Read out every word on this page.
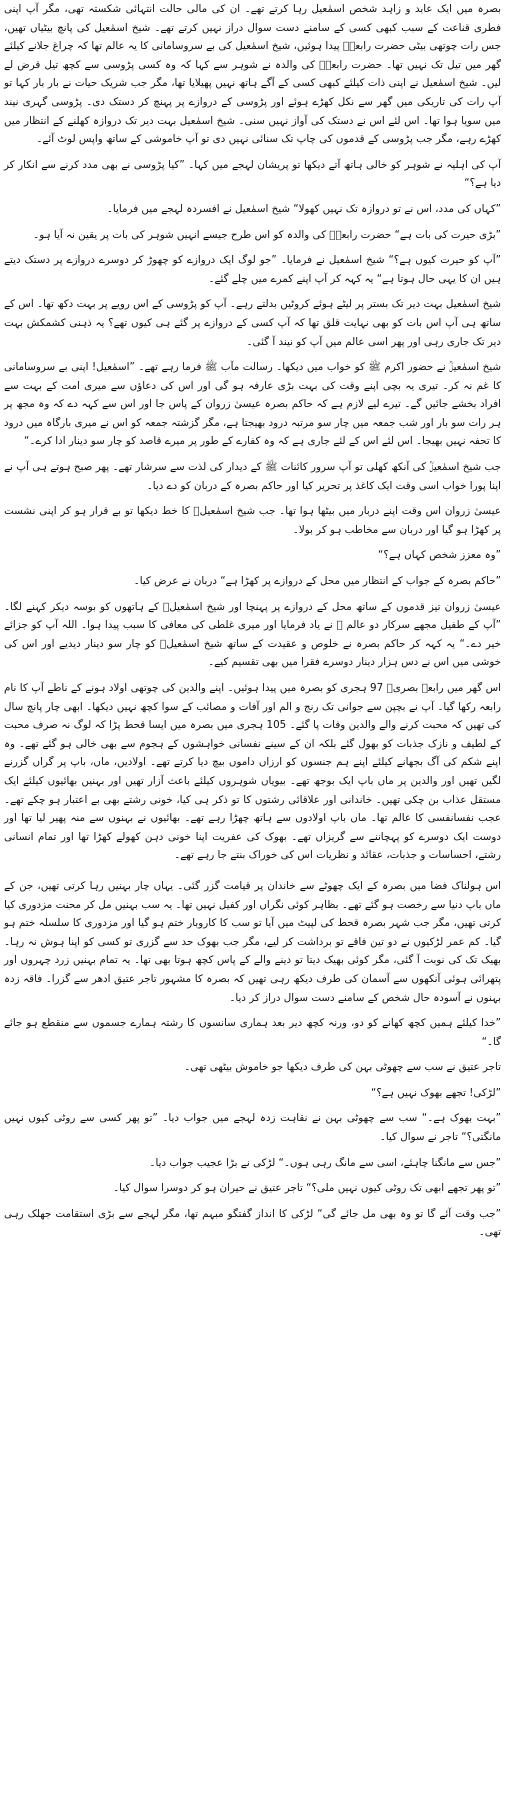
بصرہ میں ایک عابد و زاہد شخص اسمٰعیل رہا کرتے تھے۔ ان کی مالی حالت انتہائی شکستہ تھی، مگر آپ اپنی فطری قناعت کے سبب کبھی کسی کے سامنے دست سوال دراز نہیں کرتے تھے۔ شیخ اسمٰعیل کی پانچ بیٹیاں تھیں، جس رات چوتھی بیٹی حضرت رابعہؒ پیدا ہوئیں، شیخ اسمٰعیل کی بے سروسامانی کا یہ عالم تھا کہ چراغ جلانے کیلئے گھر میں تیل تک نہیں تھا۔ حضرت رابعہؒ کی والدہ نے شوہر سے کہا کہ وہ کسی پڑوسی سے کچھ تیل قرض لے لیں۔ شیخ اسمٰعیل نے اپنی ذات کیلئے کبھی کسی کے آگے ہاتھ نہیں پھیلایا تھا، مگر جب شریک حیات نے بار بار کہا تو آپ رات کی تاریکی میں گھر سے نکل کھڑے ہوئے اور پڑوسی کے دروازے پر پہنچ کر دستک دی۔ پڑوسی گہری نیند میں سویا ہوا تھا۔ اس لئے اس نے دستک کی آواز نہیں سنی۔ شیخ اسمٰعیل بہت دیر تک دروازہ کھلنے کے انتظار میں کھڑے رہے، مگر جب پڑوسی کے قدموں کی چاپ تک سنائی نہیں دی تو آپ خاموشی کے ساتھ واپس لوٹ آئے۔

آپ کی اہلیہ نے شوہر کو خالی ہاتھ آتے دیکھا تو پریشان لہجے میں کہا۔ ”کیا پڑوسی نے بھی مدد کرنے سے انکار کر دیا ہے؟“

”کہاں کی مدد، اس نے تو دروازہ تک نہیں کھولا“ شیخ اسمٰعیل نے افسردہ لہجے میں فرمایا۔

”بڑی حیرت کی بات ہے“ حضرت رابعہؒ کی والدہ کو اس طرح جیسے انہیں شوہر کی بات پر یقین نہ آیا ہو۔

”آپ کو حیرت کیوں ہے؟“ شیخ اسمٰعیل نے فرمایا۔ ”جو لوگ ایک دروازے کو چھوڑ کر دوسرے دروازے پر دستک دیتے ہیں ان کا یہی حال ہوتا ہے“ یہ کہہ کر آپ اپنے کمرے میں چلے گئے۔

شیخ اسمٰعیل بہت دیر تک بستر پر لیٹے ہوئے کروٹیں بدلتے رہے۔ آپ کو پڑوسی کے اس رویے پر بہت دکھ تھا۔ اس کے ساتھ ہی آپ اس بات کو بھی نہایت قلق تھا کہ آپ کسی کے دروازے پر گئے ہی کیوں تھے؟ یہ ذہنی کشمکش بہت دیر تک جاری رہی اور پھر اسی عالم میں آپ کو نیند آ گئی۔

شیخ اسمٰعیلؒ نے حضور اکرم ﷺ کو خواب میں دیکھا۔ رسالت مآب ﷺ فرما رہے تھے۔ ”اسمٰعیل! اپنی بے سروسامانی کا غم نہ کر۔ تیری یہ بچی اپنے وقت کی بہت بڑی عارفہ ہو گی اور اس کی دعاؤں سے میری امت کے بہت سے افراد بخشے جائیں گے۔ تیرے لیے لازم ہے کہ حاکم بصرہ عیسیٰ زروان کے پاس جا اور اس سے کہہ دے کہ وہ مجھ پر ہر رات سو بار اور شب جمعہ میں چار سو مرتبہ درود بھیجتا ہے، مگر گزشتہ جمعہ کو اس نے میری بارگاہ میں درود کا تحفہ نہیں بھیجا۔ اس لئے اس کے لئے جاری ہے کہ وہ کفارے کے طور پر میرے قاصد کو چار سو دینار ادا کرے۔“

جب شیخ اسمٰعیلؒ کی آنکھ کھلی تو آپ سرور کائنات ﷺ کے دیدار کی لذت سے سرشار تھے۔ پھر صبح ہوتے ہی آپ نے اپنا پورا خواب اسی وقت ایک کاغذ پر تحریر کیا اور حاکم بصرہ کے دربان کو دے دیا۔

عیسیٰ زروان اس وقت اپنے دربار میں بیٹھا ہوا تھا۔ جب شیخ اسمٰعیلؒ کا خط دیکھا تو بے قرار ہو کر اپنی نشست پر کھڑا ہو گیا اور دربان سے مخاطب ہو کر بولا۔

”وہ معزز شخص کہاں ہے؟“

”حاکم بصرہ کے جواب کے انتظار میں محل کے دروازے پر کھڑا ہے“ دربان نے عرض کیا۔

عیسیٰ زروان تیز قدموں کے ساتھ محل کے دروازے پر پہنچا اور شیخ اسمٰعیلؒ کے ہاتھوں کو بوسہ دیکر کہنے لگا۔ ”آپ کے طفیل مجھے سرکار دو عالم ﷺ نے یاد فرمایا اور میری غلطی کی معافی کا سبب پیدا ہوا۔ اللہ آپ کو جزائے خیر دے۔“ یہ کہہ کر حاکم بصرہ نے خلوص و عقیدت کے ساتھ شیخ اسمٰعیلؒ کو چار سو دینار دیدیے اور اس کی خوشی میں اس نے دس ہزار دینار دوسرے فقرا میں بھی تقسیم کیے۔

اس گھر میں رابعہ بصریؒ 97 ہجری کو بصرہ میں پیدا ہوئیں۔ اپنے والدین کی چوتھی اولاد ہونے کے ناطے آپ کا نام رابعہ رکھا گیا۔ آپ نے بچپن سے جوانی تک رنج و الم اور آفات و مصائب کے سوا کچھ نہیں دیکھا۔ ابھی چار پانچ سال کی تھیں کہ محبت کرنے والے والدین وفات پا گئے۔ 105 ہجری میں بصرہ میں ایسا قحط پڑا کہ لوگ نہ صرف محبت کے لطیف و نازک جذبات کو بھول گئے بلکہ ان کے سینے نفسانی خواہشوں کے ہجوم سے بھی خالی ہو گئے تھے۔ وہ اپنے شکم کی آگ بجھانے کیلئے اپنے ہم جنسوں کو ارزاں داموں بیچ دیا کرتے تھے۔ اولادیں، ماں، باپ پر گراں گزرنے لگیں تھیں اور والدین پر ماں باپ ایک بوجھ تھے۔ بیویاں شوہروں کیلئے باعث آزار تھیں اور بہنیں بھائیوں کیلئے ایک مستقل عذاب بن چکی تھیں۔ خاندانی اور علاقائی رشتوں کا تو ذکر ہی کیا، خونی رشتے بھی بے اعتبار ہو چکے تھے۔ عجب نفسانفسی کا عالم تھا۔ ماں باپ اولادوں سے ہاتھ چھڑا رہے تھے۔ بھائیوں نے بہنوں سے منہ پھیر لیا تھا اور دوست ایک دوسرے کو پہچاننے سے گریزاں تھے۔ بھوک کی عفریت اپنا خونی دہن کھولے کھڑا تھا اور تمام انسانی رشتے، احساسات و جذبات، عقائد و نظریات اس کی خوراک بنتے جا رہے تھے۔

اس ہولناک فضا میں بصرہ کے ایک چھوٹے سے خاندان پر قیامت گزر گئی۔ یہاں چار بہنیں رہا کرتی تھیں، جن کے ماں باپ دنیا سے رخصت ہو گئے تھے۔ بظاہر کوئی نگراں اور کفیل نہیں تھا۔ یہ سب بہنیں مل کر محنت مزدوری کیا کرتی تھیں، مگر جب شہر بصرہ قحط کی لپیٹ میں آیا تو سب کا کاروبار ختم ہو گیا اور مزدوری کا سلسلہ ختم ہو گیا۔ کم عمر لڑکیوں نے دو تین فاقے تو برداشت کر لیے، مگر جب بھوک حد سے گزری تو کسی کو اپنا ہوش نہ رہا۔ بھیک تک کی نوبت آ گئی، مگر کوئی بھیک دیتا تو دینے والے کے پاس کچھ ہوتا بھی تھا۔ یہ تمام بہنیں زرد چہروں اور پتھرائی ہوئی آنکھوں سے آسمان کی طرف دیکھ رہی تھیں کہ بصرہ کا مشہور تاجر عتیق ادھر سے گزرا۔ فاقہ زدہ بہنوں نے آسودہ حال شخص کے سامنے دست سوال دراز کر دیا۔

”خدا کیلئے ہمیں کچھ کھانے کو دو، ورنہ کچھ دیر بعد ہماری سانسوں کا رشتہ ہمارے جسموں سے منقطع ہو جائے گا۔“

تاجر عتیق نے سب سے چھوٹی بہن کی طرف دیکھا جو خاموش بیٹھی تھی۔

”لڑکی! تجھے بھوک نہیں ہے؟“

”بہت بھوک ہے۔“ سب سے چھوٹی بہن نے نقاہت زدہ لہجے میں جواب دیا۔ ”تو پھر کسی سے روٹی کیوں نہیں مانگتی؟“ تاجر نے سوال کیا۔

”جس سے مانگنا چاہئے، اسی سے مانگ رہی ہوں۔“ لڑکی نے بڑا عجیب جواب دیا۔

”تو پھر تجھے ابھی تک روٹی کیوں نہیں ملی؟“ تاجر عتیق نے حیران ہو کر دوسرا سوال کیا۔

”جب وقت آئے گا تو وہ بھی مل جائے گی“ لڑکی کا انداز گفتگو مبہم تھا، مگر لہجے سے بڑی استقامت جھلک رہی تھی۔
